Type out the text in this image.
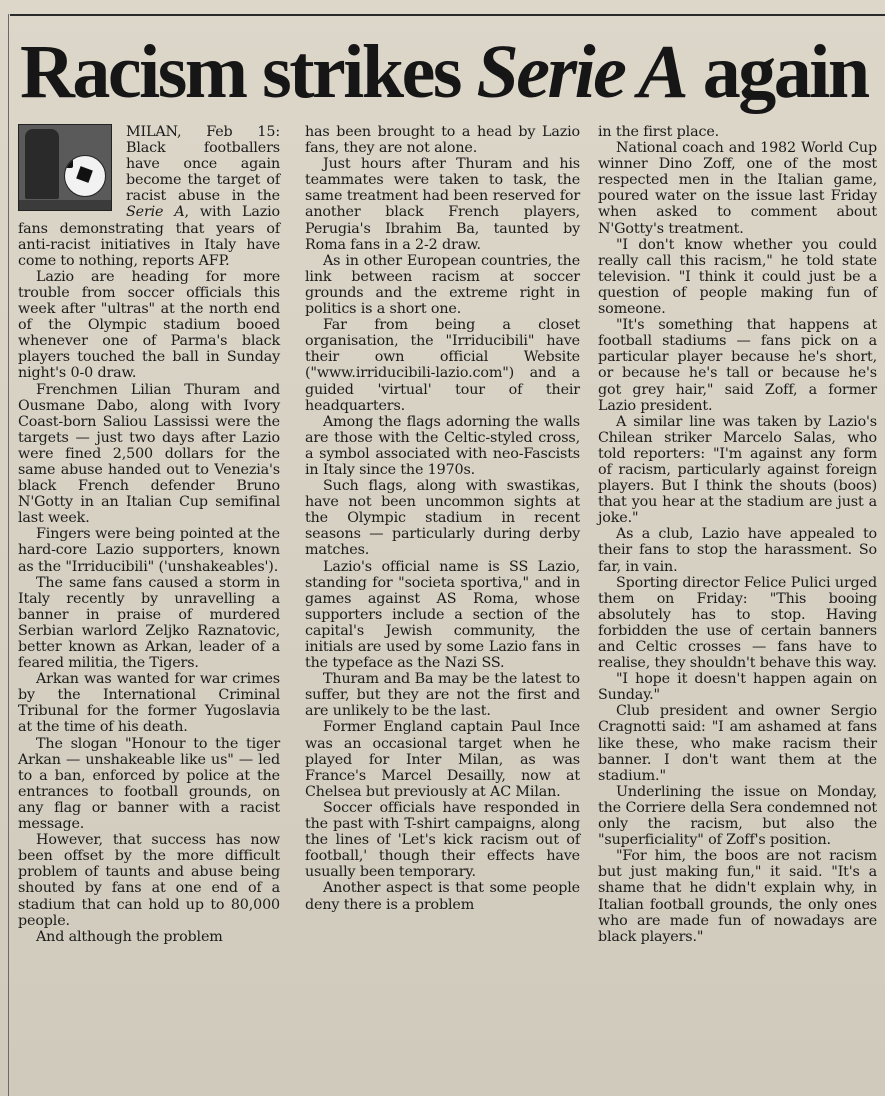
Racism strikes Serie A again

MILAN, Feb 15: Black footballers have once again become the target of racist abuse in the Serie A, with Lazio fans demonstrating that years of anti-racist initiatives in Italy have come to nothing, reports AFP.

Lazio are heading for more trouble from soccer officials this week after "ultras" at the north end of the Olympic stadium booed whenever one of Parma's black players touched the ball in Sunday night's 0-0 draw.

Frenchmen Lilian Thuram and Ousmane Dabo, along with Ivory Coast-born Saliou Lassissi were the targets — just two days after Lazio were fined 2,500 dollars for the same abuse handed out to Venezia's black French defender Bruno N'Gotty in an Italian Cup semifinal last week.

Fingers were being pointed at the hard-core Lazio supporters, known as the "Irriducibili" ('unshakeables').

The same fans caused a storm in Italy recently by unravelling a banner in praise of murdered Serbian warlord Zeljko Raznatovic, better known as Arkan, leader of a feared militia, the Tigers.

Arkan was wanted for war crimes by the International Criminal Tribunal for the former Yugoslavia at the time of his death.

The slogan "Honour to the tiger Arkan — unshakeable like us" — led to a ban, enforced by police at the entrances to football grounds, on any flag or banner with a racist message.

However, that success has now been offset by the more difficult problem of taunts and abuse being shouted by fans at one end of a stadium that can hold up to 80,000 people.

And although the problem

has been brought to a head by Lazio fans, they are not alone.

Just hours after Thuram and his teammates were taken to task, the same treatment had been reserved for another black French players, Perugia's Ibrahim Ba, taunted by Roma fans in a 2-2 draw.

As in other European countries, the link between racism at soccer grounds and the extreme right in politics is a short one.

Far from being a closet organisation, the "Irriducibili" have their own official Website ("www.irriducibili-lazio.com") and a guided 'virtual' tour of their headquarters.

Among the flags adorning the walls are those with the Celtic-styled cross, a symbol associated with neo-Fascists in Italy since the 1970s.

Such flags, along with swastikas, have not been uncommon sights at the Olympic stadium in recent seasons — particularly during derby matches.

Lazio's official name is SS Lazio, standing for "societa sportiva," and in games against AS Roma, whose supporters include a section of the capital's Jewish community, the initials are used by some Lazio fans in the typeface as the Nazi SS.

Thuram and Ba may be the latest to suffer, but they are not the first and are unlikely to be the last.

Former England captain Paul Ince was an occasional target when he played for Inter Milan, as was France's Marcel Desailly, now at Chelsea but previously at AC Milan.

Soccer officials have responded in the past with T-shirt campaigns, along the lines of 'Let's kick racism out of football,' though their effects have usually been temporary.

Another aspect is that some people deny there is a problem

in the first place.

National coach and 1982 World Cup winner Dino Zoff, one of the most respected men in the Italian game, poured water on the issue last Friday when asked to comment about N'Gotty's treatment.

"I don't know whether you could really call this racism," he told state television. "I think it could just be a question of people making fun of someone.

"It's something that happens at football stadiums — fans pick on a particular player because he's short, or because he's tall or because he's got grey hair," said Zoff, a former Lazio president.

A similar line was taken by Lazio's Chilean striker Marcelo Salas, who told reporters: "I'm against any form of racism, particularly against foreign players. But I think the shouts (boos) that you hear at the stadium are just a joke."

As a club, Lazio have appealed to their fans to stop the harassment. So far, in vain.

Sporting director Felice Pulici urged them on Friday: "This booing absolutely has to stop. Having forbidden the use of certain banners and Celtic crosses — fans have to realise, they shouldn't behave this way.

"I hope it doesn't happen again on Sunday."

Club president and owner Sergio Cragnotti said: "I am ashamed at fans like these, who make racism their banner. I don't want them at the stadium."

Underlining the issue on Monday, the Corriere della Sera condemned not only the racism, but also the "superficiality" of Zoff's position.

"For him, the boos are not racism but just making fun," it said. "It's a shame that he didn't explain why, in Italian football grounds, the only ones who are made fun of nowadays are black players."
